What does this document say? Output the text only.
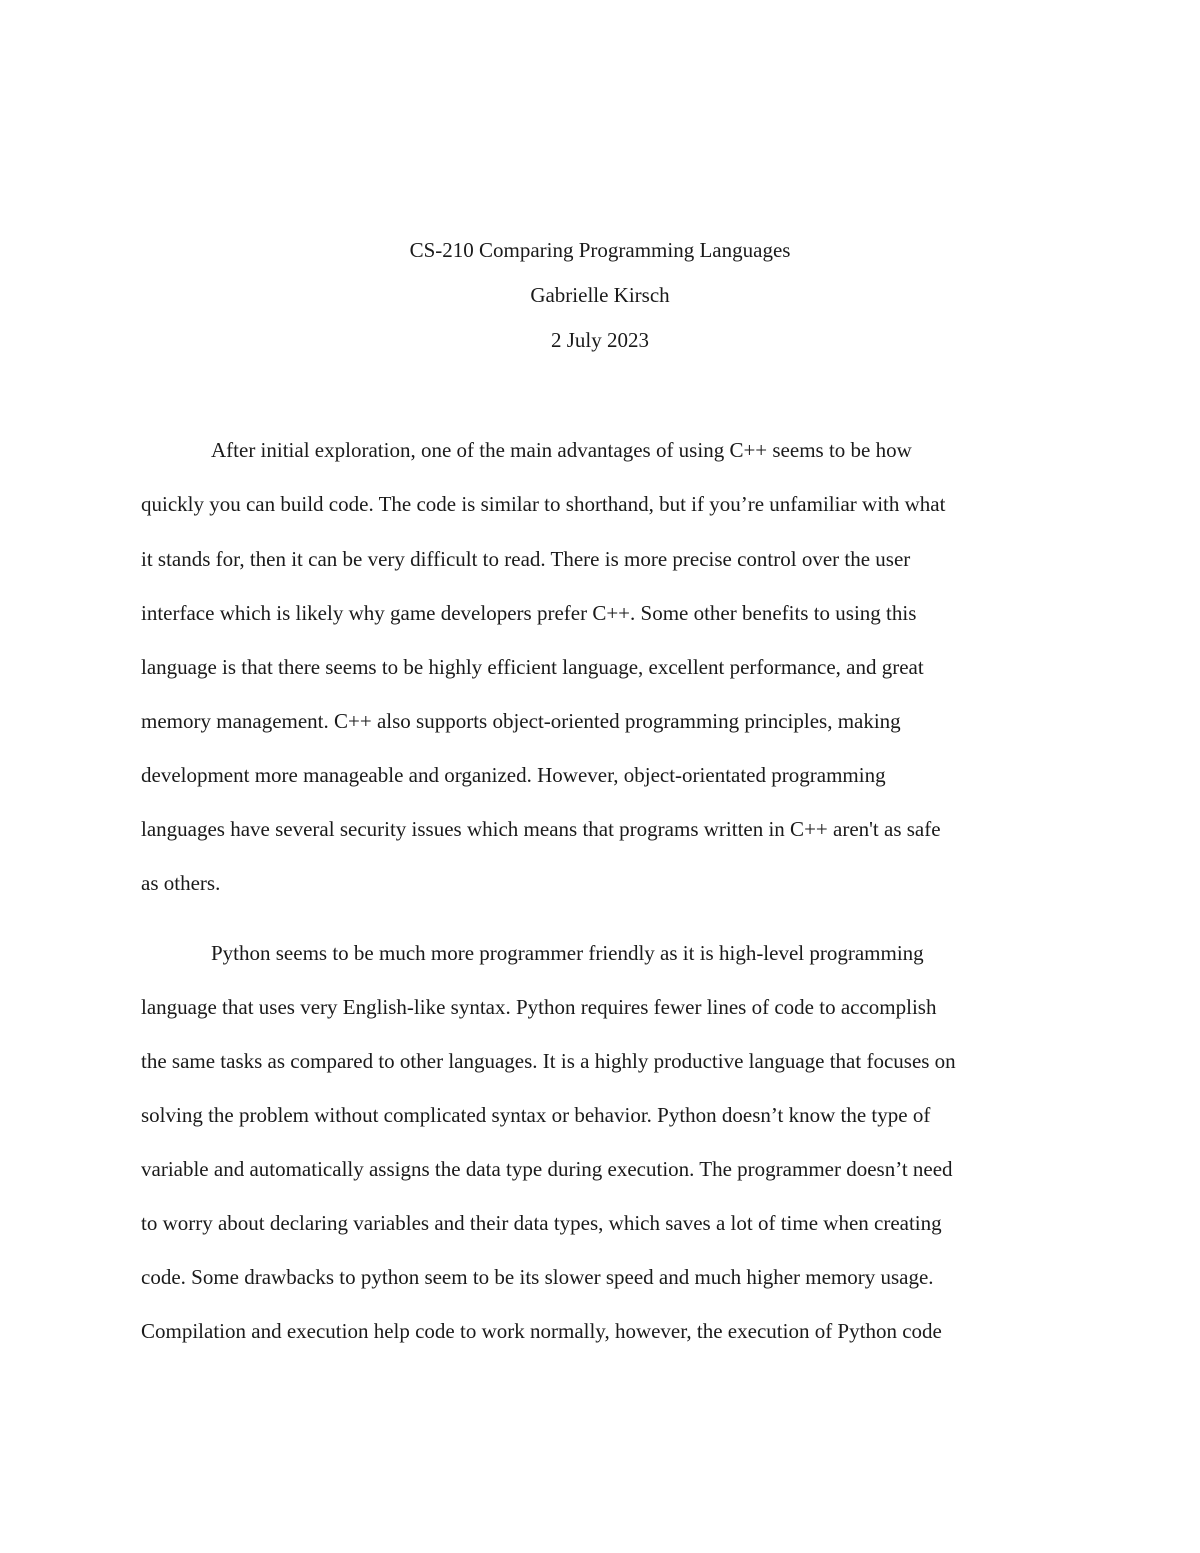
CS-210 Comparing Programming Languages
Gabrielle Kirsch
2 July 2023
After initial exploration, one of the main advantages of using C++ seems to be how
quickly you can build code. The code is similar to shorthand, but if you’re unfamiliar with what
it stands for, then it can be very difficult to read. There is more precise control over the user
interface which is likely why game developers prefer C++. Some other benefits to using this
language is that there seems to be highly efficient language, excellent performance, and great
memory management. C++ also supports object-oriented programming principles, making
development more manageable and organized. However, object-orientated programming
languages have several security issues which means that programs written in C++ aren't as safe
as others.
Python seems to be much more programmer friendly as it is high-level programming
language that uses very English-like syntax. Python requires fewer lines of code to accomplish
the same tasks as compared to other languages. It is a highly productive language that focuses on
solving the problem without complicated syntax or behavior. Python doesn’t know the type of
variable and automatically assigns the data type during execution. The programmer doesn’t need
to worry about declaring variables and their data types, which saves a lot of time when creating
code. Some drawbacks to python seem to be its slower speed and much higher memory usage.
Compilation and execution help code to work normally, however, the execution of Python code
